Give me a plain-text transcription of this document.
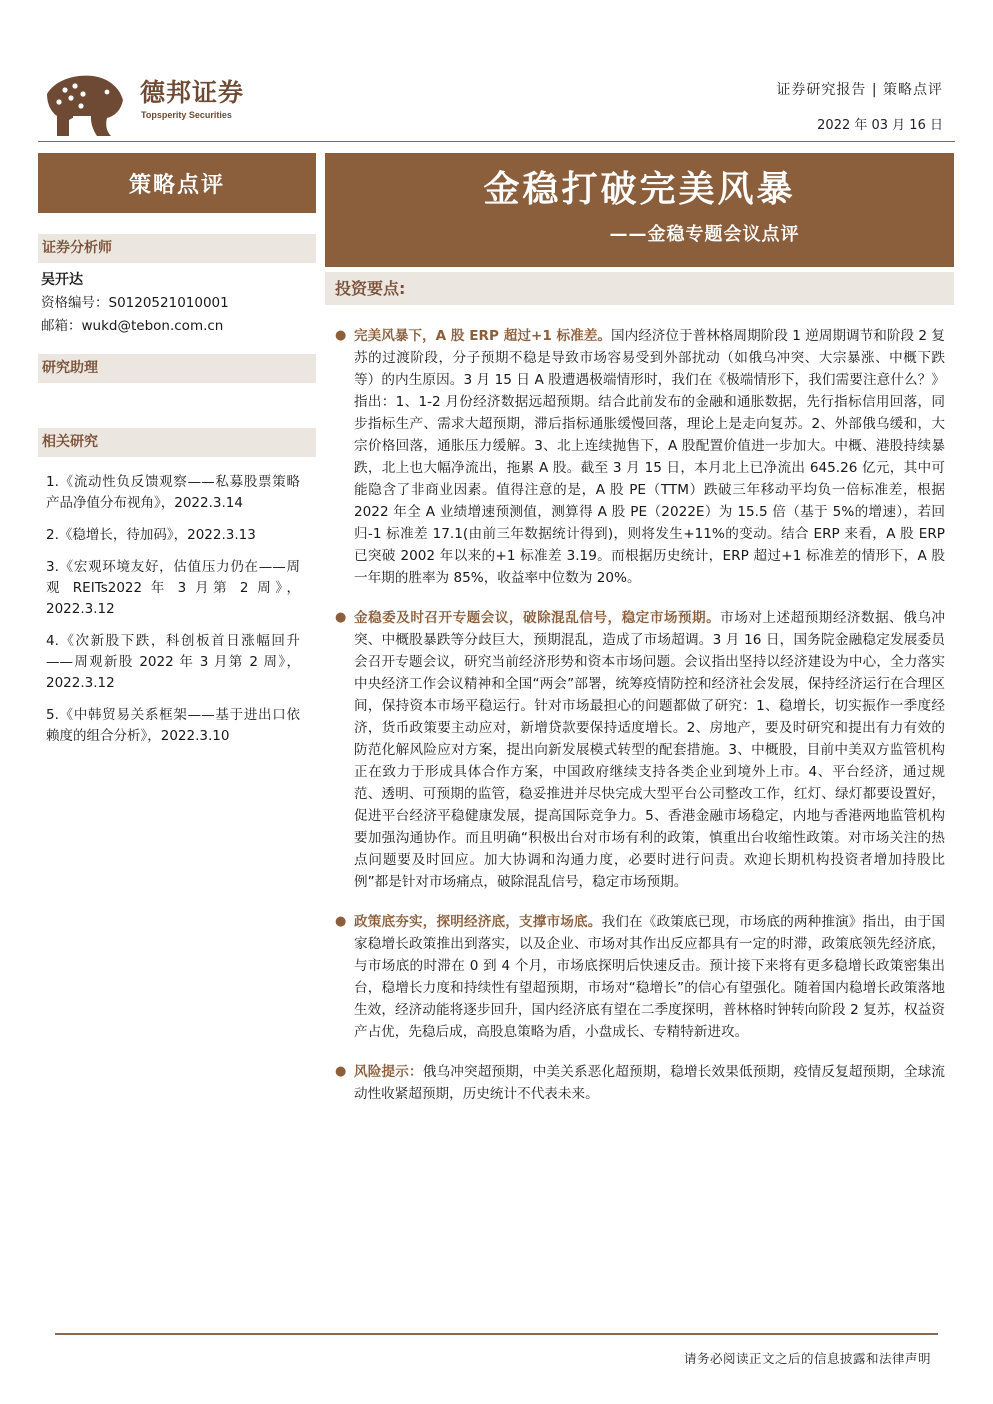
德邦证券
Topsperity Securities
证券研究报告 | 策略点评
2022 年 03 月 16 日
策略点评
证券分析师
吴开达
资格编号：S0120521010001
邮箱：wukd@tebon.com.cn
研究助理
相关研究
1.《流动性负反馈观察——私募股票策略产品净值分布视角》，2022.3.14
2.《稳增长，待加码》，2022.3.13
3.《宏观环境友好，估值压力仍在——周观 REITs2022 年 3 月第 2 周》，2022.3.12
4.《次新股下跌，科创板首日涨幅回升——周观新股 2022 年 3 月第 2 周》，2022.3.12
5.《中韩贸易关系框架——基于进出口依赖度的组合分析》，2022.3.10
金稳打破完美风暴
——金稳专题会议点评
投资要点:
● 完美风暴下，A 股 ERP 超过+1 标准差。国内经济位于普林格周期阶段 1 逆周期调节和阶段 2 复苏的过渡阶段，分子预期不稳是导致市场容易受到外部扰动（如俄乌冲突、大宗暴涨、中概下跌等）的内生原因。3 月 15 日 A 股遭遇极端情形时，我们在《极端情形下，我们需要注意什么？》指出：1、1-2 月份经济数据远超预期。结合此前发布的金融和通胀数据，先行指标信用回落，同步指标生产、需求大超预期，滞后指标通胀缓慢回落，理论上是走向复苏。2、外部俄乌缓和，大宗价格回落，通胀压力缓解。3、北上连续抛售下，A 股配置价值进一步加大。中概、港股持续暴跌，北上也大幅净流出，拖累 A 股。截至 3 月 15 日，本月北上已净流出 645.26 亿元，其中可能隐含了非商业因素。值得注意的是，A 股 PE（TTM）跌破三年移动平均负一倍标准差，根据 2022 年全 A 业绩增速预测值，测算得 A 股 PE（2022E）为 15.5 倍（基于 5%的增速），若回归-1 标准差 17.1(由前三年数据统计得到)，则将发生+11%的变动。结合 ERP 来看，A 股 ERP 已突破 2002 年以来的+1 标准差 3.19。而根据历史统计，ERP 超过+1 标准差的情形下，A 股一年期的胜率为 85%，收益率中位数为 20%。
● 金稳委及时召开专题会议，破除混乱信号，稳定市场预期。市场对上述超预期经济数据、俄乌冲突、中概股暴跌等分歧巨大，预期混乱，造成了市场超调。3 月 16 日，国务院金融稳定发展委员会召开专题会议，研究当前经济形势和资本市场问题。会议指出坚持以经济建设为中心，全力落实中央经济工作会议精神和全国“两会”部署，统筹疫情防控和经济社会发展，保持经济运行在合理区间，保持资本市场平稳运行。针对市场最担心的问题都做了研究：1、稳增长，切实振作一季度经济，货币政策要主动应对，新增贷款要保持适度增长。2、房地产，要及时研究和提出有力有效的防范化解风险应对方案，提出向新发展模式转型的配套措施。3、中概股，目前中美双方监管机构正在致力于形成具体合作方案，中国政府继续支持各类企业到境外上市。4、平台经济，通过规范、透明、可预期的监管，稳妥推进并尽快完成大型平台公司整改工作，红灯、绿灯都要设置好，促进平台经济平稳健康发展，提高国际竞争力。5、香港金融市场稳定，内地与香港两地监管机构要加强沟通协作。而且明确“积极出台对市场有利的政策，慎重出台收缩性政策。对市场关注的热点问题要及时回应。加大协调和沟通力度，必要时进行问责。欢迎长期机构投资者增加持股比例”都是针对市场痛点，破除混乱信号，稳定市场预期。
● 政策底夯实，探明经济底，支撑市场底。我们在《政策底已现，市场底的两种推演》指出，由于国家稳增长政策推出到落实，以及企业、市场对其作出反应都具有一定的时滞，政策底领先经济底，与市场底的时滞在 0 到 4 个月，市场底探明后快速反击。预计接下来将有更多稳增长政策密集出台，稳增长力度和持续性有望超预期，市场对“稳增长”的信心有望强化。随着国内稳增长政策落地生效，经济动能将逐步回升，国内经济底有望在二季度探明，普林格时钟转向阶段 2 复苏，权益资产占优，先稳后成，高股息策略为盾，小盘成长、专精特新进攻。
● 风险提示：俄乌冲突超预期，中美关系恶化超预期，稳增长效果低预期，疫情反复超预期，全球流动性收紧超预期，历史统计不代表未来。
请务必阅读正文之后的信息披露和法律声明
